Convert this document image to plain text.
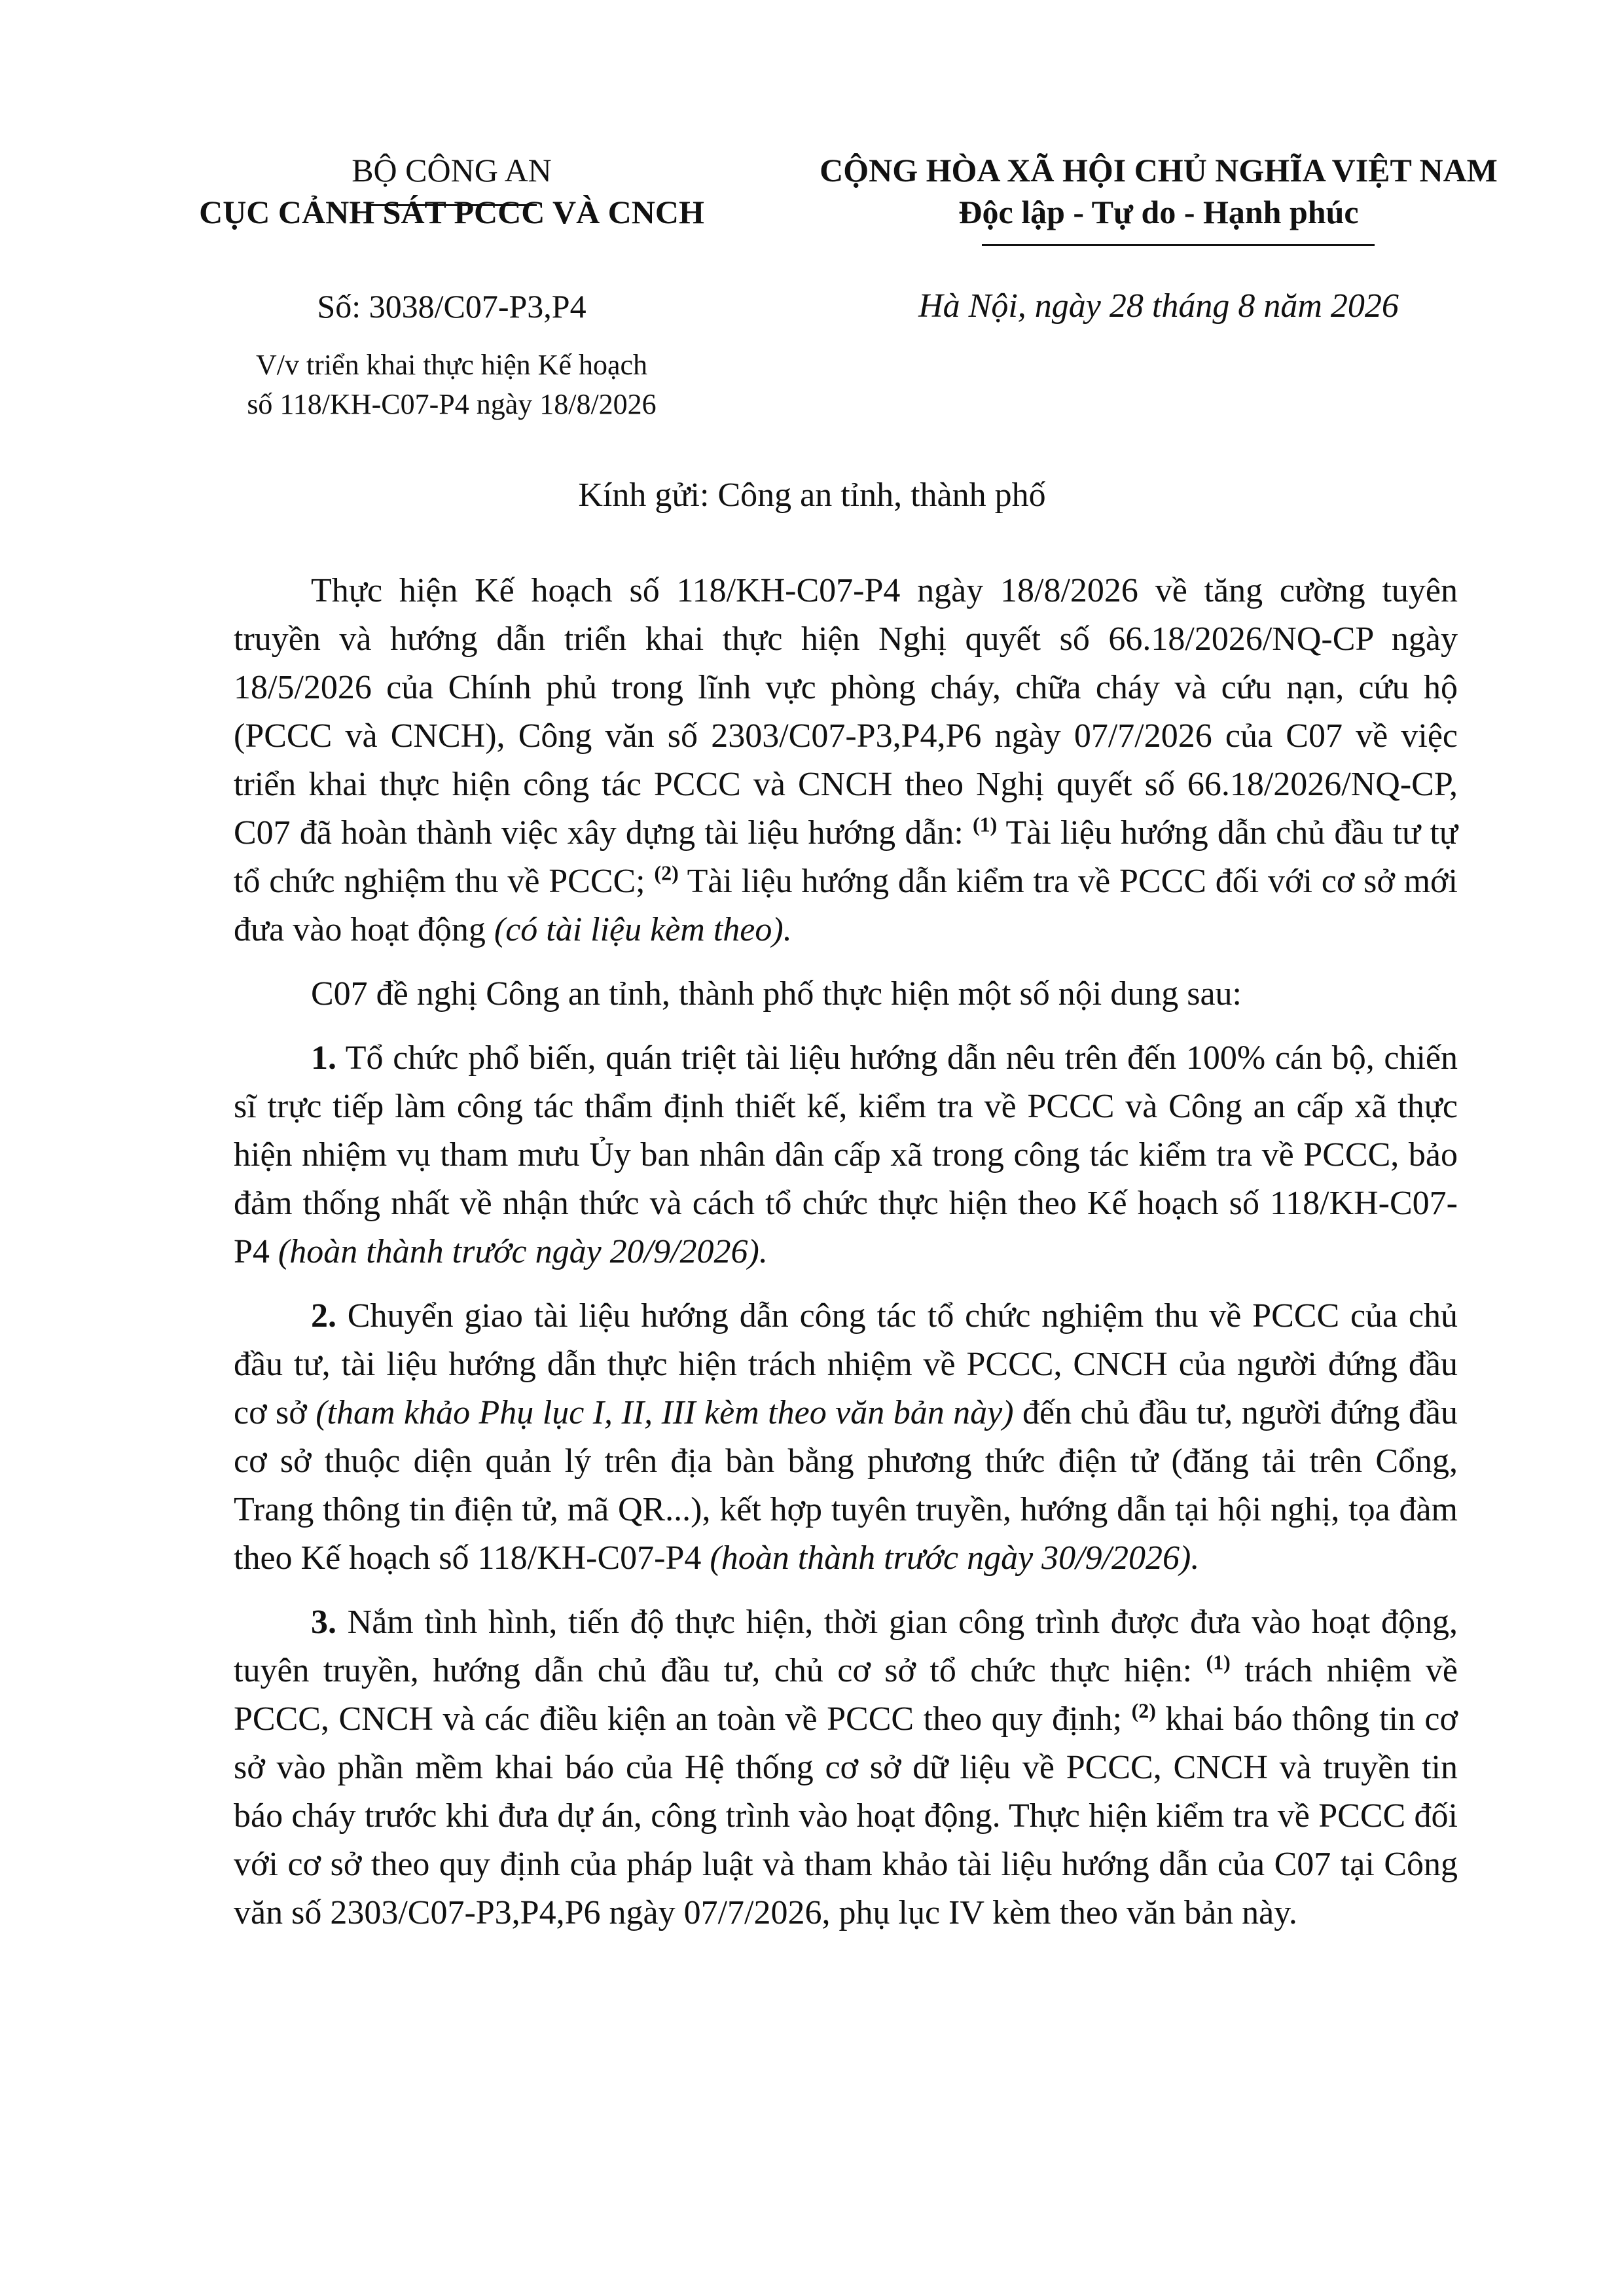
BỘ CÔNG AN
CỤC CẢNH SÁT PCCC VÀ CNCH
CỘNG HÒA XÃ HỘI CHỦ NGHĨA VIỆT NAM
Độc lập - Tự do - Hạnh phúc
Số: 3038/C07-P3,P4	Hà Nội, ngày 28 tháng 8 năm 2026
V/v triển khai thực hiện Kế hoạch
số 118/KH-C07-P4 ngày 18/8/2026
Kính gửi: Công an tỉnh, thành phố

Thực hiện Kế hoạch số 118/KH-C07-P4 ngày 18/8/2026 về tăng cường tuyên truyền và hướng dẫn triển khai thực hiện Nghị quyết số 66.18/2026/NQ-CP ngày 18/5/2026 của Chính phủ trong lĩnh vực phòng cháy, chữa cháy và cứu nạn, cứu hộ (PCCC và CNCH), Công văn số 2303/C07-P3,P4,P6 ngày 07/7/2026 của C07 về việc triển khai thực hiện công tác PCCC và CNCH theo Nghị quyết số 66.18/2026/NQ-CP, C07 đã hoàn thành việc xây dựng tài liệu hướng dẫn: $^{(1)}$ Tài liệu hướng dẫn chủ đầu tư tự tổ chức nghiệm thu về PCCC; $^{(2)}$ Tài liệu hướng dẫn kiểm tra về PCCC đối với cơ sở mới đưa vào hoạt động (có tài liệu kèm theo).

C07 đề nghị Công an tỉnh, thành phố thực hiện một số nội dung sau:

1. Tổ chức phổ biến, quán triệt tài liệu hướng dẫn nêu trên đến 100% cán bộ, chiến sĩ trực tiếp làm công tác thẩm định thiết kế, kiểm tra về PCCC và Công an cấp xã thực hiện nhiệm vụ tham mưu Ủy ban nhân dân cấp xã trong công tác kiểm tra về PCCC, bảo đảm thống nhất về nhận thức và cách tổ chức thực hiện theo Kế hoạch số 118/KH-C07-P4 (hoàn thành trước ngày 20/9/2026).

2. Chuyển giao tài liệu hướng dẫn công tác tổ chức nghiệm thu về PCCC của chủ đầu tư, tài liệu hướng dẫn thực hiện trách nhiệm về PCCC, CNCH của người đứng đầu cơ sở (tham khảo Phụ lục I, II, III kèm theo văn bản này) đến chủ đầu tư, người đứng đầu cơ sở thuộc diện quản lý trên địa bàn bằng phương thức điện tử (đăng tải trên Cổng, Trang thông tin điện tử, mã QR...), kết hợp tuyên truyền, hướng dẫn tại hội nghị, tọa đàm theo Kế hoạch số 118/KH-C07-P4 (hoàn thành trước ngày 30/9/2026).

3. Nắm tình hình, tiến độ thực hiện, thời gian công trình được đưa vào hoạt động, tuyên truyền, hướng dẫn chủ đầu tư, chủ cơ sở tổ chức thực hiện: $^{(1)}$ trách nhiệm về PCCC, CNCH và các điều kiện an toàn về PCCC theo quy định; $^{(2)}$ khai báo thông tin cơ sở vào phần mềm khai báo của Hệ thống cơ sở dữ liệu về PCCC, CNCH và truyền tin báo cháy trước khi đưa dự án, công trình vào hoạt động. Thực hiện kiểm tra về PCCC đối với cơ sở theo quy định của pháp luật và tham khảo tài liệu hướng dẫn của C07 tại Công văn số 2303/C07-P3,P4,P6 ngày 07/7/2026, phụ lục IV kèm theo văn bản này.
